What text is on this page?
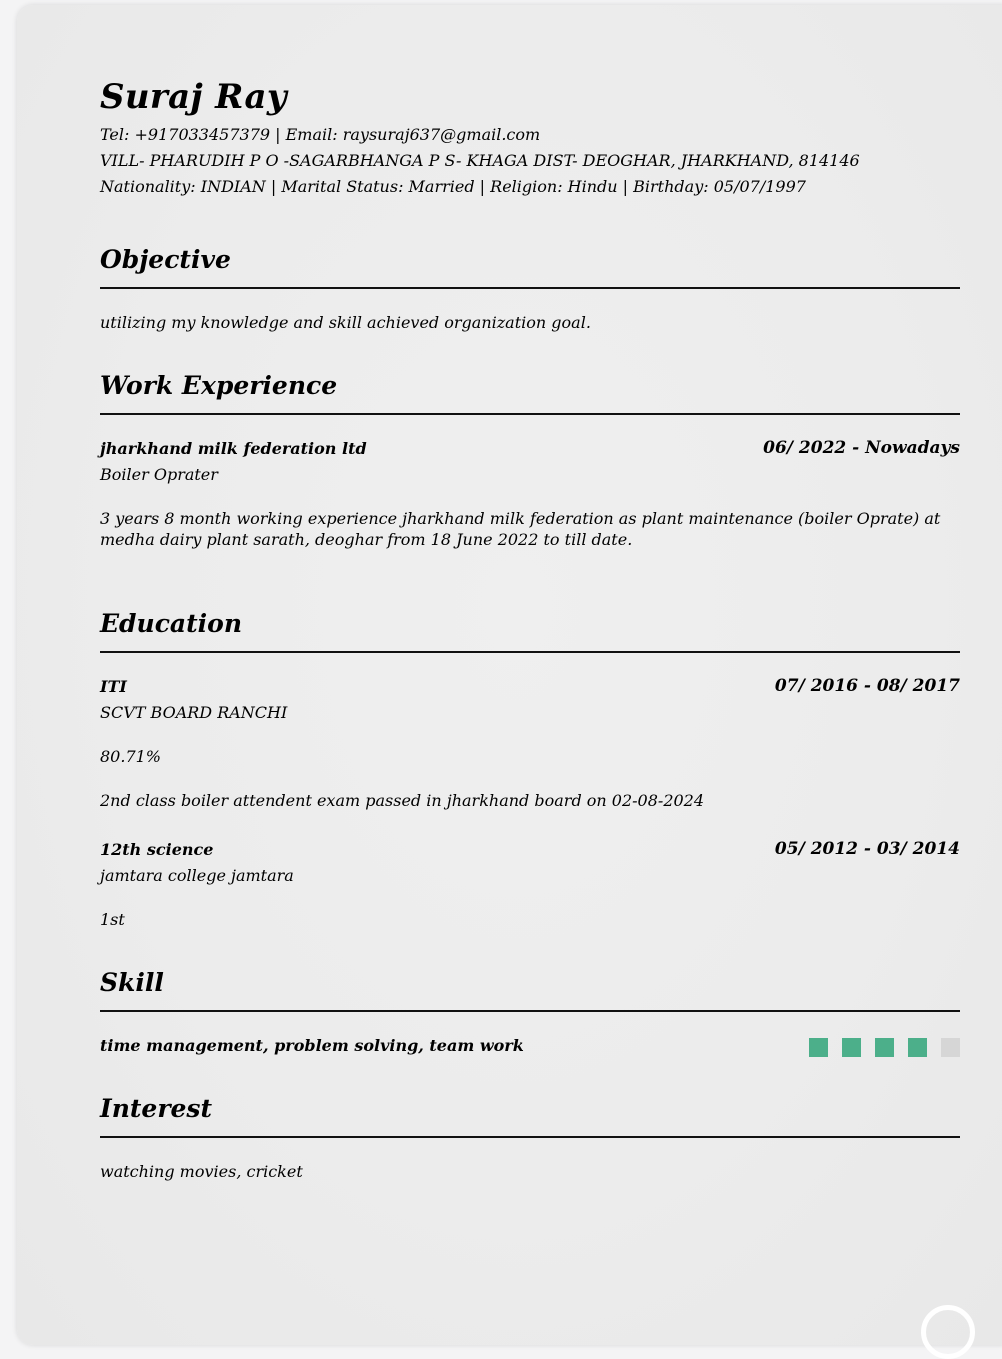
Suraj Ray
Tel: +917033457379 | Email: raysuraj637@gmail.com
VILL- PHARUDIH P O -SAGARBHANGA P S- KHAGA DIST- DEOGHAR, JHARKHAND, 814146
Nationality: INDIAN | Marital Status: Married | Religion: Hindu | Birthday: 05/07/1997
Objective
utilizing my knowledge and skill achieved organization goal.
Work Experience
jharkhand milk federation ltd	06/ 2022 - Nowadays
Boiler Oprater
3 years 8 month working experience jharkhand milk federation as plant maintenance (boiler Oprate) at medha dairy plant sarath, deoghar from 18 June 2022 to till date.
Education
ITI	07/ 2016 - 08/ 2017
SCVT BOARD RANCHI
80.71%
2nd class boiler attendent exam passed in jharkhand board on 02-08-2024
12th science	05/ 2012 - 03/ 2014
jamtara college jamtara
1st
Skill
time management, problem solving, team work
Interest
watching movies, cricket
